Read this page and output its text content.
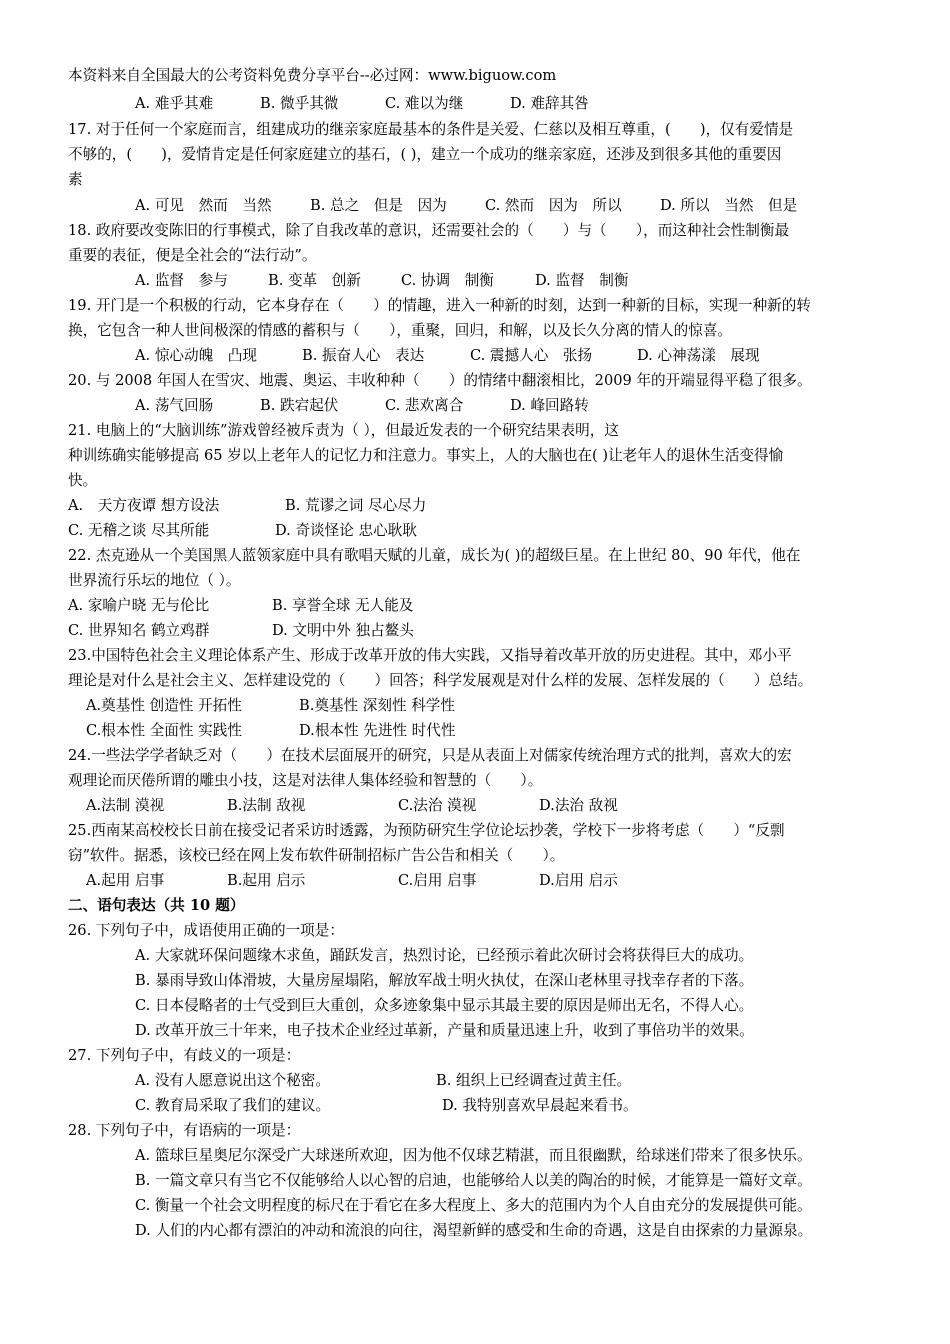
本资料来自全国最大的公考资料免费分享平台--必过网：www.biguow.com
A. 难乎其难	B. 微乎其微	C. 难以为继	D. 难辞其咎
17. 对于任何一个家庭而言，组建成功的继亲家庭最基本的条件是关爱、仁慈以及相互尊重，(　　)，仅有爱情是
不够的，(　　)，爱情肯定是任何家庭建立的基石，( )，建立一个成功的继亲家庭，还涉及到很多其他的重要因
素
A. 可见　然而　当然	B. 总之　但是　因为	C. 然而　因为　所以	D. 所以　当然　但是
18. 政府要改变陈旧的行事模式，除了自我改革的意识，还需要社会的（　　）与（　　），而这种社会性制衡最
重要的表征，便是全社会的“法行动”。
A. 监督　参与	B. 变革　创新	C. 协调　制衡	D. 监督　制衡
19. 开门是一个积极的行动，它本身存在（　　）的情趣，进入一种新的时刻，达到一种新的目标，实现一种新的转
换，它包含一种人世间极深的情感的蓄积与（　　），重聚，回归，和解，以及长久分离的情人的惊喜。
A. 惊心动魄　凸现	B. 振奋人心　表达	C. 震撼人心　张扬	D. 心神荡漾　展现
20. 与 2008 年国人在雪灾、地震、奥运、丰收种种（　　）的情绪中翻滚相比，2009 年的开端显得平稳了很多。
A. 荡气回肠	B. 跌宕起伏	C. 悲欢离合	D. 峰回路转
21. 电脑上的“大脑训练”游戏曾经被斥责为（ ），但最近发表的一个研究结果表明，这
种训练确实能够提高 65 岁以上老年人的记忆力和注意力。事实上，人的大脑也在( )让老年人的退休生活变得愉
快。
A.　天方夜谭 想方设法	B. 荒谬之词 尽心尽力
C. 无稽之谈 尽其所能	D. 奇谈怪论 忠心耿耿
22. 杰克逊从一个美国黑人蓝领家庭中具有歌唱天赋的儿童，成长为( )的超级巨星。在上世纪 80、90 年代，他在
世界流行乐坛的地位（ ）。
A. 家喻户晓 无与伦比	B. 享誉全球 无人能及
C. 世界知名 鹤立鸡群	D. 文明中外 独占鳌头
23.中国特色社会主义理论体系产生、形成于改革开放的伟大实践，又指导着改革开放的历史进程。其中，邓小平
理论是对什么是社会主义、怎样建设党的（　　）回答；科学发展观是对什么样的发展、怎样发展的（　　）总结。
A.奠基性 创造性 开拓性	B.奠基性 深刻性 科学性
C.根本性 全面性 实践性	D.根本性 先进性 时代性
24.一些法学学者缺乏对（　　）在技术层面展开的研究，只是从表面上对儒家传统治理方式的批判，喜欢大的宏
观理论而厌倦所谓的雕虫小技，这是对法律人集体经验和智慧的（　　）。
A.法制 漠视	B.法制 敌视	C.法治 漠视	D.法治 敌视
25.西南某高校校长日前在接受记者采访时透露，为预防研究生学位论坛抄袭，学校下一步将考虑（　　）“反剽
窃”软件。据悉，该校已经在网上发布软件研制招标广告公告和相关（　　）。
A.起用 启事	B.起用 启示	C.启用 启事	D.启用 启示
二、语句表达（共 10 题）
26. 下列句子中，成语使用正确的一项是：
A. 大家就环保问题缘木求鱼，踊跃发言，热烈讨论，已经预示着此次研讨会将获得巨大的成功。
B. 暴雨导致山体滑坡，大量房屋塌陷，解放军战士明火执仗，在深山老林里寻找幸存者的下落。
C. 日本侵略者的士气受到巨大重创，众多迹象集中显示其最主要的原因是师出无名，不得人心。
D. 改革开放三十年来，电子技术企业经过革新，产量和质量迅速上升，收到了事倍功半的效果。
27. 下列句子中，有歧义的一项是：
A. 没有人愿意说出这个秘密。	B. 组织上已经调查过黄主任。
C. 教育局采取了我们的建议。	D. 我特别喜欢早晨起来看书。
28. 下列句子中，有语病的一项是：
A. 篮球巨星奥尼尔深受广大球迷所欢迎，因为他不仅球艺精湛，而且很幽默，给球迷们带来了很多快乐。
B. 一篇文章只有当它不仅能够给人以心智的启迪，也能够给人以美的陶冶的时候，才能算是一篇好文章。
C. 衡量一个社会文明程度的标尺在于看它在多大程度上、多大的范围内为个人自由充分的发展提供可能。
D. 人们的内心都有漂泊的冲动和流浪的向往，渴望新鲜的感受和生命的奇遇，这是自由探索的力量源泉。
